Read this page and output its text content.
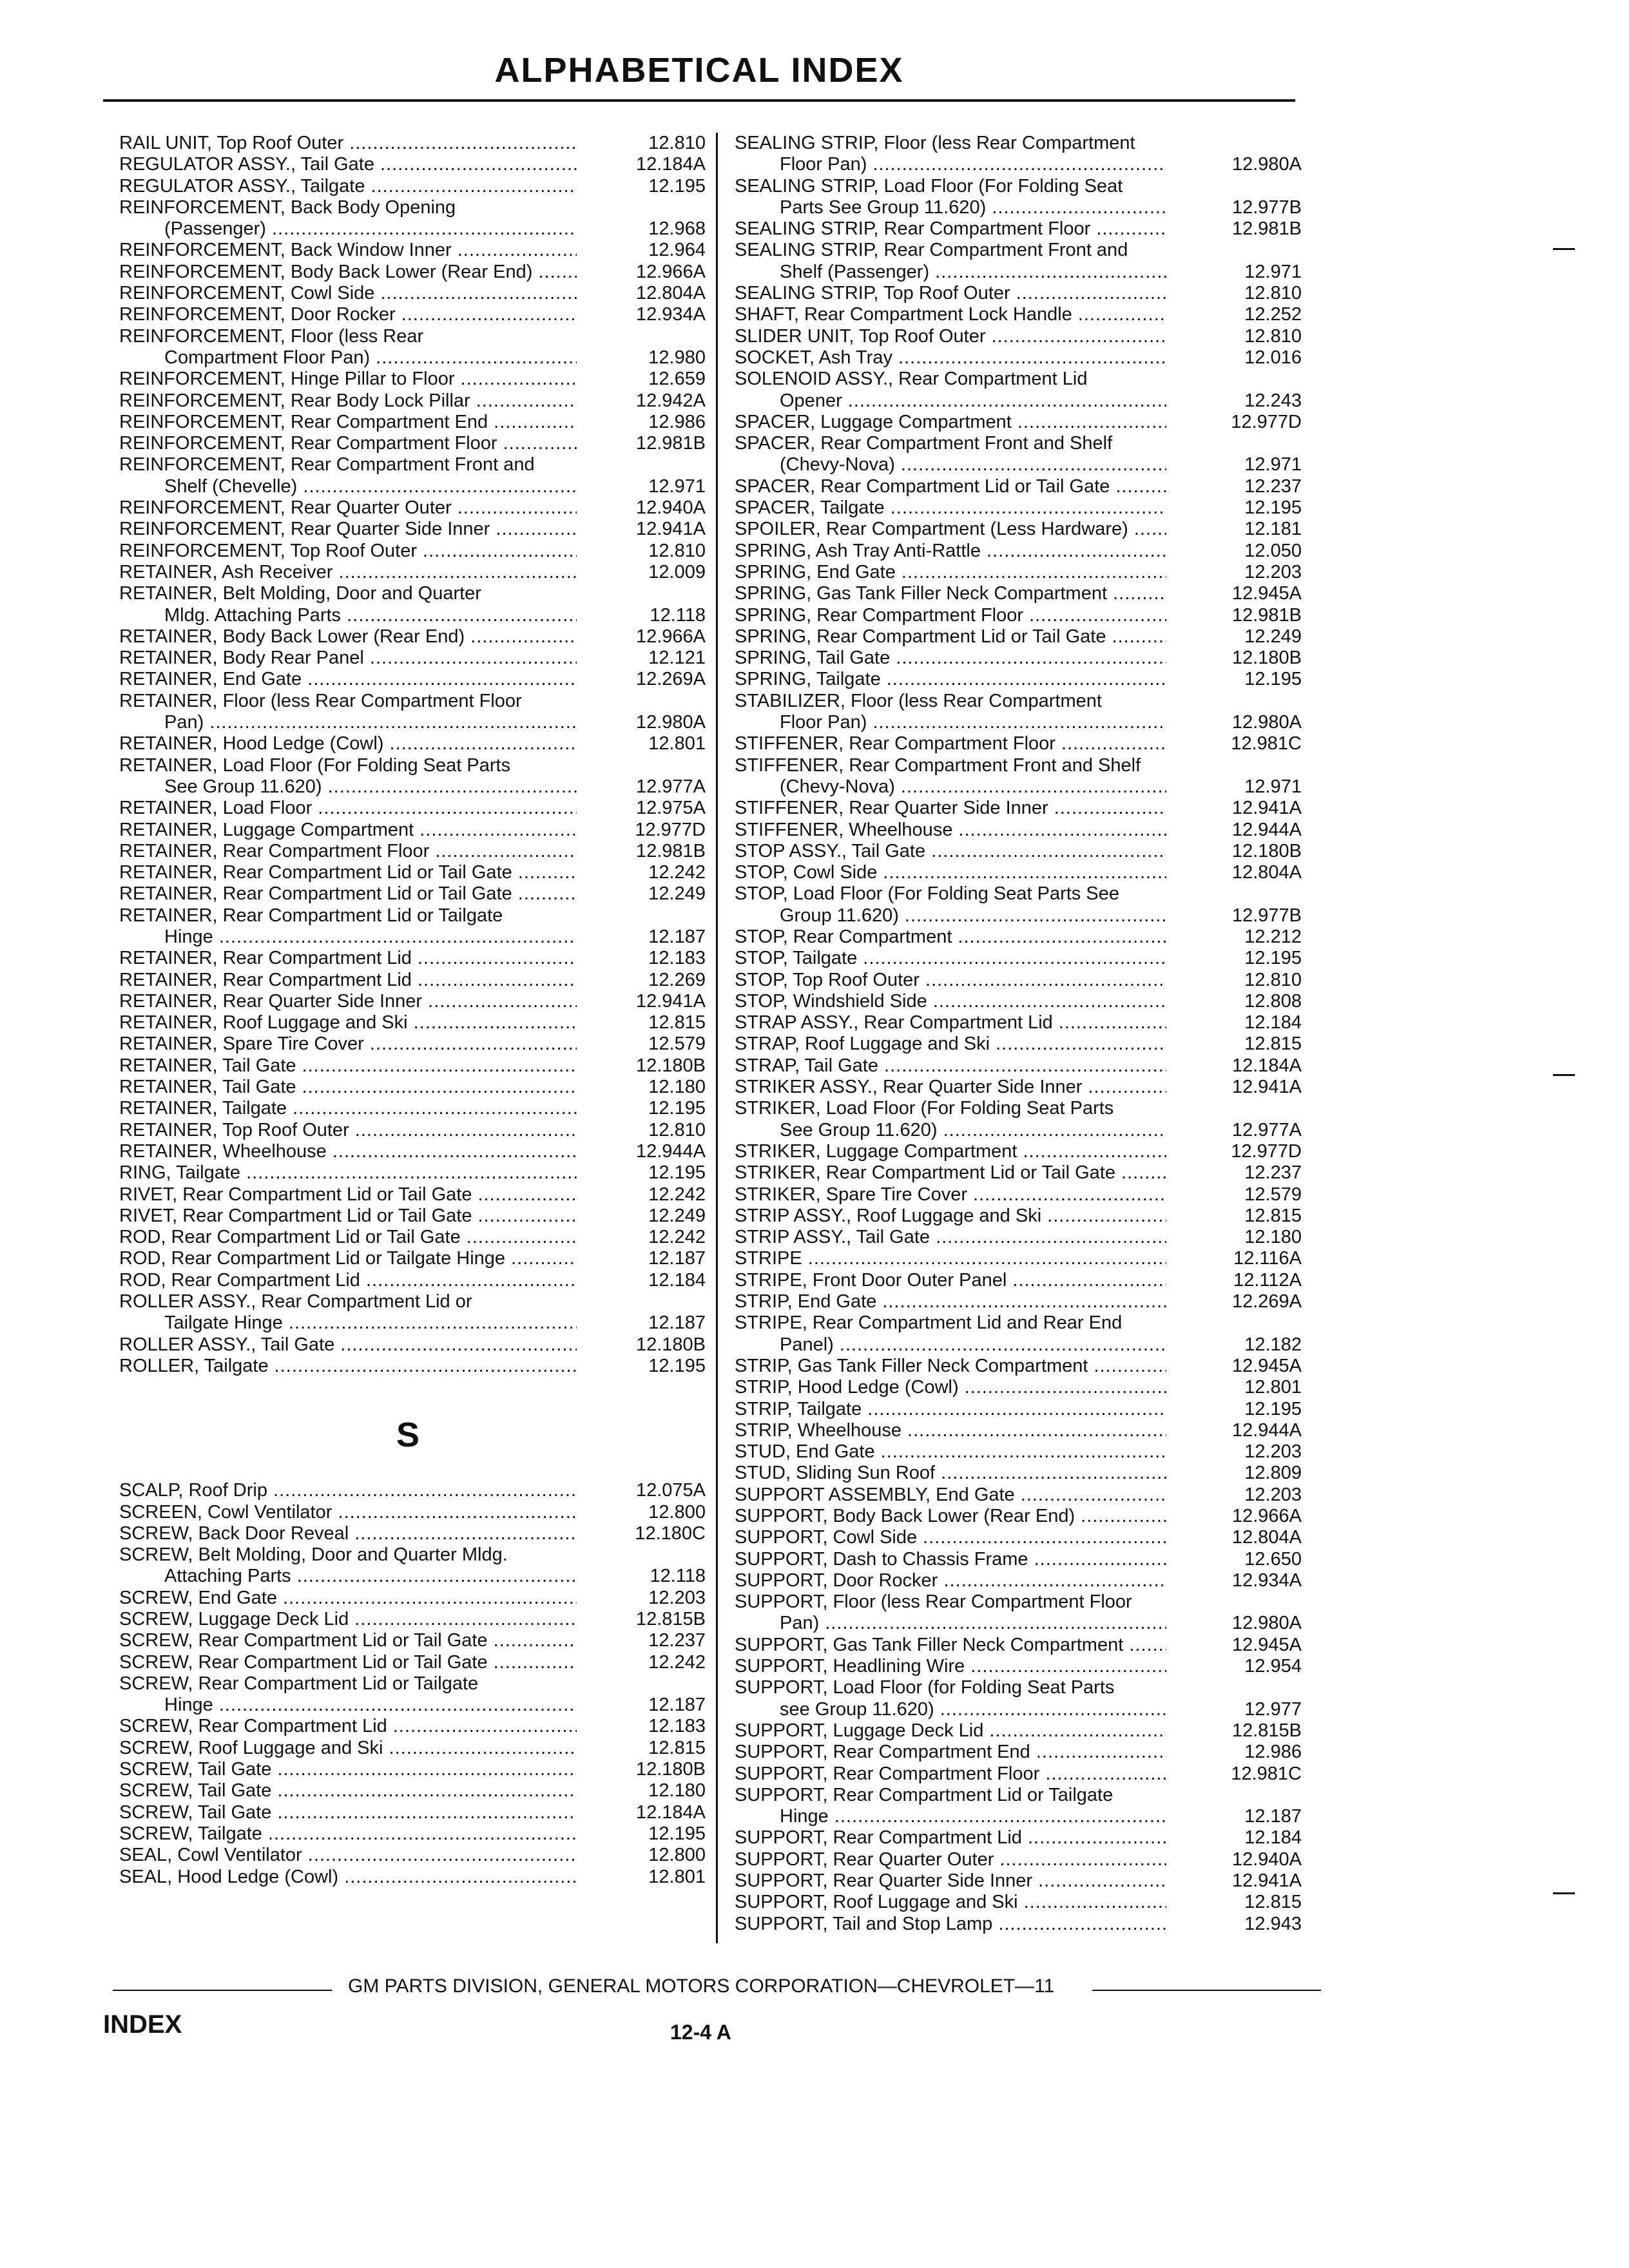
ALPHABETICAL INDEX
RAIL UNIT, Top Roof Outer .....	12.810
REGULATOR ASSY., Tail Gate .....	12.184A
REGULATOR ASSY., Tailgate .....	12.195
REINFORCEMENT, Back Body Opening
(Passenger) .....	12.968
REINFORCEMENT, Back Window Inner .....	12.964
REINFORCEMENT, Body Back Lower (Rear End) .....	12.966A
REINFORCEMENT, Cowl Side .....	12.804A
REINFORCEMENT, Door Rocker .....	12.934A
REINFORCEMENT, Floor (less Rear
Compartment Floor Pan) .....	12.980
REINFORCEMENT, Hinge Pillar to Floor .....	12.659
REINFORCEMENT, Rear Body Lock Pillar .....	12.942A
REINFORCEMENT, Rear Compartment End .....	12.986
REINFORCEMENT, Rear Compartment Floor .....	12.981B
REINFORCEMENT, Rear Compartment Front and
Shelf (Chevelle) .....	12.971
REINFORCEMENT, Rear Quarter Outer .....	12.940A
REINFORCEMENT, Rear Quarter Side Inner .....	12.941A
REINFORCEMENT, Top Roof Outer .....	12.810
RETAINER, Ash Receiver .....	12.009
RETAINER, Belt Molding, Door and Quarter
Mldg. Attaching Parts .....	12.118
RETAINER, Body Back Lower (Rear End) .....	12.966A
RETAINER, Body Rear Panel .....	12.121
RETAINER, End Gate .....	12.269A
RETAINER, Floor (less Rear Compartment Floor
Pan) .....	12.980A
RETAINER, Hood Ledge (Cowl) .....	12.801
RETAINER, Load Floor (For Folding Seat Parts
See Group 11.620) .....	12.977A
RETAINER, Load Floor .....	12.975A
RETAINER, Luggage Compartment .....	12.977D
RETAINER, Rear Compartment Floor .....	12.981B
RETAINER, Rear Compartment Lid or Tail Gate .....	12.242
RETAINER, Rear Compartment Lid or Tail Gate .....	12.249
RETAINER, Rear Compartment Lid or Tailgate
Hinge .....	12.187
RETAINER, Rear Compartment Lid .....	12.183
RETAINER, Rear Compartment Lid .....	12.269
RETAINER, Rear Quarter Side Inner .....	12.941A
RETAINER, Roof Luggage and Ski .....	12.815
RETAINER, Spare Tire Cover .....	12.579
RETAINER, Tail Gate .....	12.180B
RETAINER, Tail Gate .....	12.180
RETAINER, Tailgate .....	12.195
RETAINER, Top Roof Outer .....	12.810
RETAINER, Wheelhouse .....	12.944A
RING, Tailgate .....	12.195
RIVET, Rear Compartment Lid or Tail Gate .....	12.242
RIVET, Rear Compartment Lid or Tail Gate .....	12.249
ROD, Rear Compartment Lid or Tail Gate .....	12.242
ROD, Rear Compartment Lid or Tailgate Hinge .....	12.187
ROD, Rear Compartment Lid .....	12.184
ROLLER ASSY., Rear Compartment Lid or
Tailgate Hinge .....	12.187
ROLLER ASSY., Tail Gate .....	12.180B
ROLLER, Tailgate .....	12.195
S
SCALP, Roof Drip .....	12.075A
SCREEN, Cowl Ventilator .....	12.800
SCREW, Back Door Reveal .....	12.180C
SCREW, Belt Molding, Door and Quarter Mldg.
Attaching Parts .....	12.118
SCREW, End Gate .....	12.203
SCREW, Luggage Deck Lid .....	12.815B
SCREW, Rear Compartment Lid or Tail Gate .....	12.237
SCREW, Rear Compartment Lid or Tail Gate .....	12.242
SCREW, Rear Compartment Lid or Tailgate
Hinge .....	12.187
SCREW, Rear Compartment Lid .....	12.183
SCREW, Roof Luggage and Ski .....	12.815
SCREW, Tail Gate .....	12.180B
SCREW, Tail Gate .....	12.180
SCREW, Tail Gate .....	12.184A
SCREW, Tailgate .....	12.195
SEAL, Cowl Ventilator .....	12.800
SEAL, Hood Ledge (Cowl) .....	12.801
SEALING STRIP, Floor (less Rear Compartment
Floor Pan) .....	12.980A
SEALING STRIP, Load Floor (For Folding Seat
Parts See Group 11.620) .....	12.977B
SEALING STRIP, Rear Compartment Floor .....	12.981B
SEALING STRIP, Rear Compartment Front and
Shelf (Passenger) .....	12.971
SEALING STRIP, Top Roof Outer .....	12.810
SHAFT, Rear Compartment Lock Handle .....	12.252
SLIDER UNIT, Top Roof Outer .....	12.810
SOCKET, Ash Tray .....	12.016
SOLENOID ASSY., Rear Compartment Lid
Opener .....	12.243
SPACER, Luggage Compartment .....	12.977D
SPACER, Rear Compartment Front and Shelf
(Chevy-Nova) .....	12.971
SPACER, Rear Compartment Lid or Tail Gate .....	12.237
SPACER, Tailgate .....	12.195
SPOILER, Rear Compartment (Less Hardware) .....	12.181
SPRING, Ash Tray Anti-Rattle .....	12.050
SPRING, End Gate .....	12.203
SPRING, Gas Tank Filler Neck Compartment .....	12.945A
SPRING, Rear Compartment Floor .....	12.981B
SPRING, Rear Compartment Lid or Tail Gate .....	12.249
SPRING, Tail Gate .....	12.180B
SPRING, Tailgate .....	12.195
STABILIZER, Floor (less Rear Compartment
Floor Pan) .....	12.980A
STIFFENER, Rear Compartment Floor .....	12.981C
STIFFENER, Rear Compartment Front and Shelf
(Chevy-Nova) .....	12.971
STIFFENER, Rear Quarter Side Inner .....	12.941A
STIFFENER, Wheelhouse .....	12.944A
STOP ASSY., Tail Gate .....	12.180B
STOP, Cowl Side .....	12.804A
STOP, Load Floor (For Folding Seat Parts See
Group 11.620) .....	12.977B
STOP, Rear Compartment .....	12.212
STOP, Tailgate .....	12.195
STOP, Top Roof Outer .....	12.810
STOP, Windshield Side .....	12.808
STRAP ASSY., Rear Compartment Lid .....	12.184
STRAP, Roof Luggage and Ski .....	12.815
STRAP, Tail Gate .....	12.184A
STRIKER ASSY., Rear Quarter Side Inner .....	12.941A
STRIKER, Load Floor (For Folding Seat Parts
See Group 11.620) .....	12.977A
STRIKER, Luggage Compartment .....	12.977D
STRIKER, Rear Compartment Lid or Tail Gate .....	12.237
STRIKER, Spare Tire Cover .....	12.579
STRIP ASSY., Roof Luggage and Ski .....	12.815
STRIP ASSY., Tail Gate .....	12.180
STRIPE .....	12.116A
STRIPE, Front Door Outer Panel .....	12.112A
STRIP, End Gate .....	12.269A
STRIPE, Rear Compartment Lid and Rear End
Panel) .....	12.182
STRIP, Gas Tank Filler Neck Compartment .....	12.945A
STRIP, Hood Ledge (Cowl) .....	12.801
STRIP, Tailgate .....	12.195
STRIP, Wheelhouse .....	12.944A
STUD, End Gate .....	12.203
STUD, Sliding Sun Roof .....	12.809
SUPPORT ASSEMBLY, End Gate .....	12.203
SUPPORT, Body Back Lower (Rear End) .....	12.966A
SUPPORT, Cowl Side .....	12.804A
SUPPORT, Dash to Chassis Frame .....	12.650
SUPPORT, Door Rocker .....	12.934A
SUPPORT, Floor (less Rear Compartment Floor
Pan) .....	12.980A
SUPPORT, Gas Tank Filler Neck Compartment .....	12.945A
SUPPORT, Headlining Wire .....	12.954
SUPPORT, Load Floor (for Folding Seat Parts
see Group 11.620) .....	12.977
SUPPORT, Luggage Deck Lid .....	12.815B
SUPPORT, Rear Compartment End .....	12.986
SUPPORT, Rear Compartment Floor .....	12.981C
SUPPORT, Rear Compartment Lid or Tailgate
Hinge .....	12.187
SUPPORT, Rear Compartment Lid .....	12.184
SUPPORT, Rear Quarter Outer .....	12.940A
SUPPORT, Rear Quarter Side Inner .....	12.941A
SUPPORT, Roof Luggage and Ski .....	12.815
SUPPORT, Tail and Stop Lamp .....	12.943
GM PARTS DIVISION, GENERAL MOTORS CORPORATION—CHEVROLET—11
INDEX	12-4 A
